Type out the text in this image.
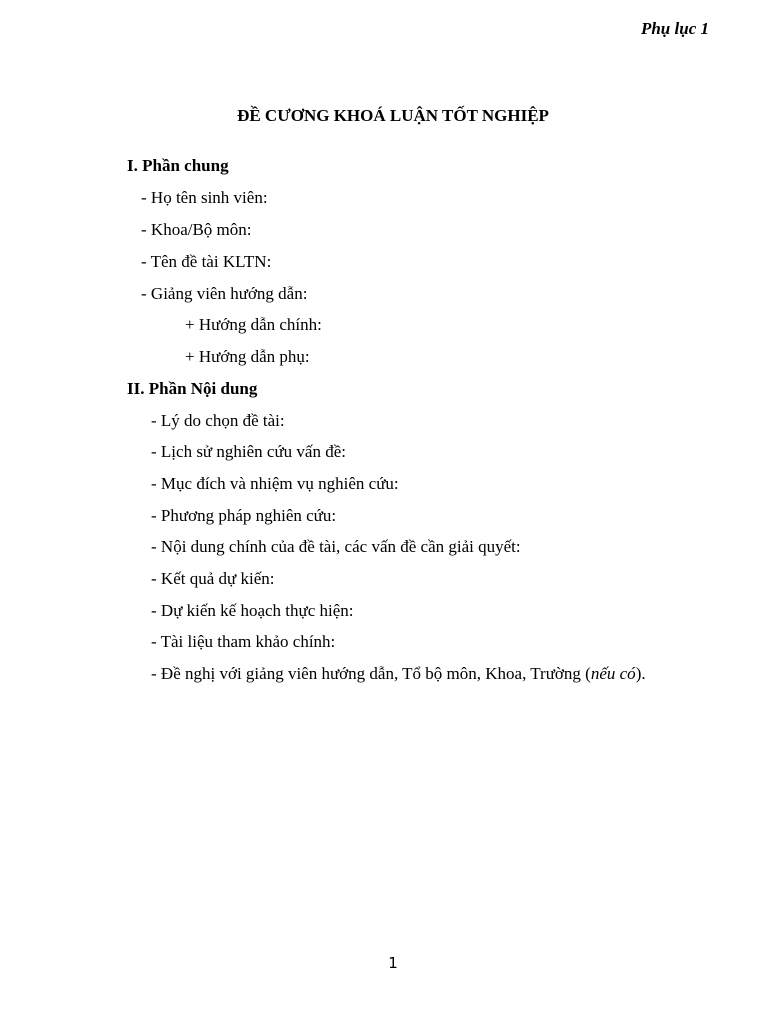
Phụ lục 1
ĐỀ CƯƠNG KHOÁ LUẬN TỐT NGHIỆP
I. Phần chung
- Họ tên sinh viên:
- Khoa/Bộ môn:
- Tên đề tài KLTN:
- Giảng viên hướng dẫn:
+ Hướng dẫn chính:
+ Hướng dẫn phụ:
II. Phần Nội dung
- Lý do chọn đề tài:
- Lịch sử nghiên cứu vấn đề:
- Mục đích và nhiệm vụ nghiên cứu:
- Phương pháp nghiên cứu:
- Nội dung chính của đề tài, các vấn đề cần giải quyết:
- Kết quả dự kiến:
- Dự kiến kế hoạch thực hiện:
- Tài liệu tham khảo chính:
- Đề nghị với giảng viên hướng dẫn, Tổ bộ môn, Khoa, Trường (nếu có).
1
